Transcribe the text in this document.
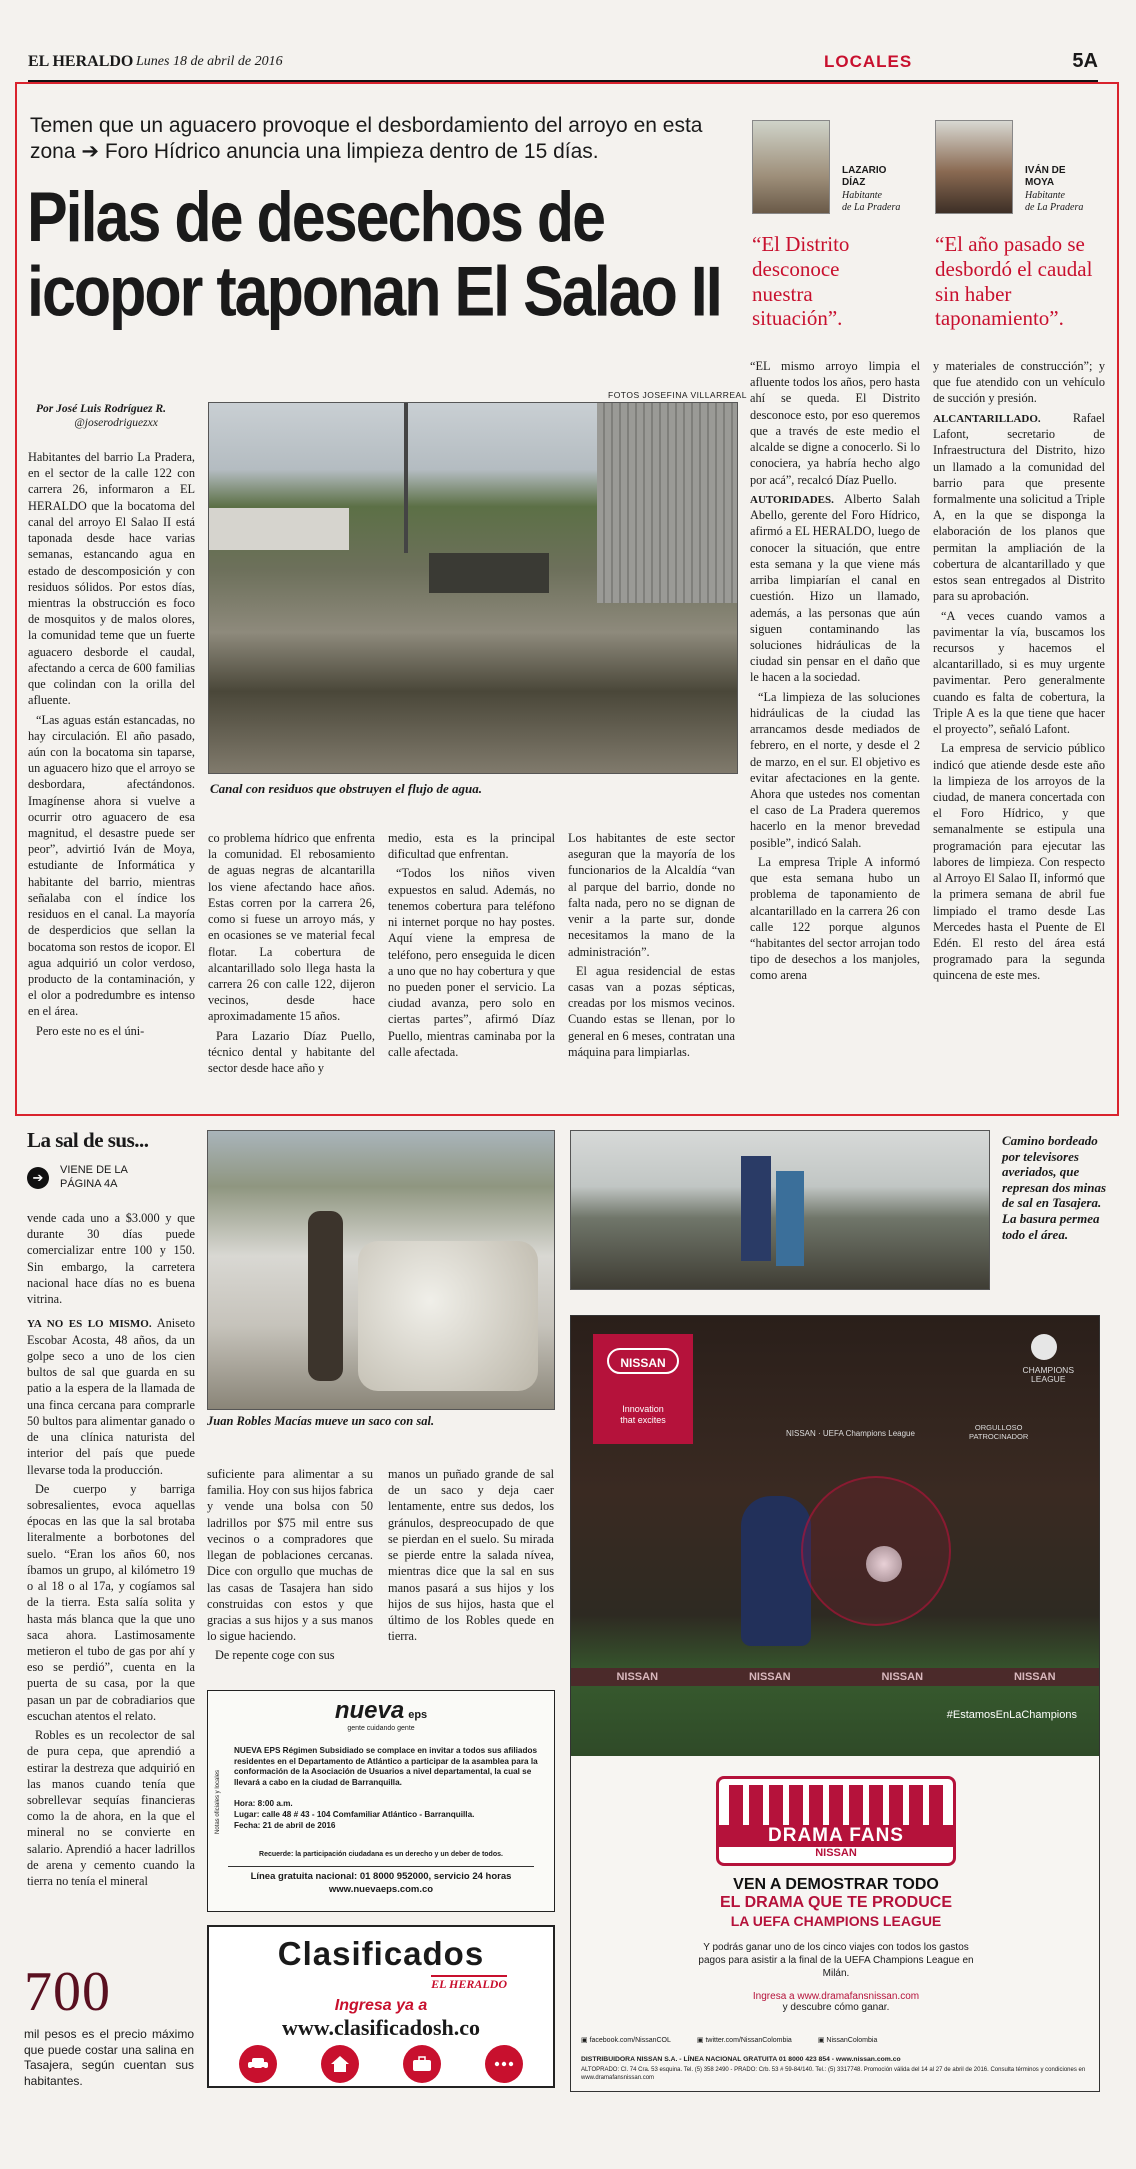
EL HERALDO Lunes 18 de abril de 2016	LOCALES	5A
Temen que un aguacero provoque el desbordamiento del arroyo en esta zona ➔ Foro Hídrico anuncia una limpieza dentro de 15 días.
Pilas de desechos de
icopor taponan El Salao II
LAZARIO
DÍAZ
Habitante
de La Pradera
“El Distrito desconoce nuestra situación”.
IVÁN DE
MOYA
Habitante
de La Pradera
“El año pasado se desbordó el caudal sin haber taponamiento”.
Por José Luis Rodríguez R.
@joserodriguezxx
FOTOS JOSEFINA VILLARREAL
Canal con residuos que obstruyen el flujo de agua.

Habitantes del barrio La Pradera, en el sector de la calle 122 con carrera 26, informaron a EL HERALDO que la bocatoma del canal del arroyo El Salao II está taponada desde hace varias semanas, estancando agua en estado de descomposición y con residuos sólidos. Por estos días, mientras la obstrucción es foco de mosquitos y de malos olores, la comunidad teme que un fuerte aguacero desborde el caudal, afectando a cerca de 600 familias que colindan con la orilla del afluente.

“Las aguas están estancadas, no hay circulación. El año pasado, aún con la bocatoma sin taparse, un aguacero hizo que el arroyo se desbordara, afectándonos. Imagínense ahora si vuelve a ocurrir otro aguacero de esa magnitud, el desastre puede ser peor”, advirtió Iván de Moya, estudiante de Informática y habitante del barrio, mientras señalaba con el índice los residuos en el canal. La mayoría de desperdicios que sellan la bocatoma son restos de icopor. El agua adquirió un color verdoso, producto de la contaminación, y el olor a podredumbre es intenso en el área.

Pero este no es el úni-

co problema hídrico que enfrenta la comunidad. El rebosamiento de aguas negras de alcantarilla los viene afectando hace años. Estas corren por la carrera 26, como si fuese un arroyo más, y en ocasiones se ve material fecal flotar. La cobertura de alcantarillado solo llega hasta la carrera 26 con calle 122, dijeron vecinos, desde hace aproximadamente 15 años.

Para Lazario Díaz Puello, técnico dental y habitante del sector desde hace año y

medio, esta es la principal dificultad que enfrentan.

“Todos los niños viven expuestos en salud. Además, no tenemos cobertura para teléfono ni internet porque no hay postes. Aquí viene la empresa de teléfono, pero enseguida le dicen a uno que no hay cobertura y que no pueden poner el servicio. La ciudad avanza, pero solo en ciertas partes”, afirmó Díaz Puello, mientras caminaba por la calle afectada.

Los habitantes de este sector aseguran que la mayoría de los funcionarios de la Alcaldía “van al parque del barrio, donde no falta nada, pero no se dignan de venir a la parte sur, donde necesitamos la mano de la administración”.

El agua residencial de estas casas van a pozas sépticas, creadas por los mismos vecinos. Cuando estas se llenan, por lo general en 6 meses, contratan una máquina para limpiarlas.

“EL mismo arroyo limpia el afluente todos los años, pero hasta ahí se queda. El Distrito desconoce esto, por eso queremos que a través de este medio el alcalde se digne a conocerlo. Si lo conociera, ya habría hecho algo por acá”, recalcó Díaz Puello.

AUTORIDADES. Alberto Salah Abello, gerente del Foro Hídrico, afirmó a EL HERALDO, luego de conocer la situación, que entre esta semana y la que viene más arriba limpiarían el canal en cuestión. Hizo un llamado, además, a las personas que aún siguen contaminando las soluciones hidráulicas de la ciudad sin pensar en el daño que le hacen a la sociedad.

“La limpieza de las soluciones hidráulicas de la ciudad las arrancamos desde mediados de febrero, en el norte, y desde el 2 de marzo, en el sur. El objetivo es evitar afectaciones en la gente. Ahora que ustedes nos comentan el caso de La Pradera queremos hacerlo en la menor brevedad posible”, indicó Salah.

La empresa Triple A informó que esta semana hubo un problema de taponamiento de alcantarillado en la carrera 26 con calle 122 porque algunos “habitantes del sector arrojan todo tipo de desechos a los manjoles, como arena

y materiales de construcción”; y que fue atendido con un vehículo de succión y presión.

ALCANTARILLADO.	Rafael Lafont, secretario de Infraestructura del Distrito, hizo un llamado a la comunidad del barrio para que presente formalmente una solicitud a Triple A, en la que se disponga la elaboración de los planos que permitan la ampliación de la cobertura de alcantarillado y que estos sean entregados al Distrito para su aprobación.

“A veces cuando vamos a pavimentar la vía, buscamos los recursos y hacemos el alcantarillado, si es muy urgente pavimentar. Pero generalmente cuando es falta de cobertura, la Triple A es la que tiene que hacer el proyecto”, señaló Lafont.

La empresa de servicio público indicó que atiende desde este año la limpieza de los arroyos de la ciudad, de manera concertada con el Foro Hídrico, y que semanalmente se estipula una programación para ejecutar las labores de limpieza. Con respecto al Arroyo El Salao II, informó que la primera semana de abril fue limpiado el tramo desde Las Mercedes hasta el Puente de El Edén. El resto del área está programado para la segunda quincena de este mes.

La sal de sus...
➔	VIENE DE LA
PÁGINA 4A

vende cada uno a $3.000 y que durante 30 días puede comercializar entre 100 y 150. Sin embargo, la carretera nacional hace días no es buena vitrina.

YA NO ES LO MISMO. Aniseto Escobar Acosta, 48 años, da un golpe seco a uno de los cien bultos de sal que guarda en su patio a la espera de la llamada de una finca cercana para comprarle 50 bultos para alimentar ganado o de una clínica naturista del interior del país que puede llevarse toda la producción.

De cuerpo y barriga sobresalientes, evoca aquellas épocas en las que la sal brotaba literalmente a borbotones del suelo. “Eran los años 60, nos íbamos un grupo, al kilómetro 19 o al 18 o al 17a, y cogíamos sal de la tierra. Esta salía solita y hasta más blanca que la que uno saca ahora. Lastimosamente metieron el tubo de gas por ahí y eso se perdió”, cuenta en la puerta de su casa, por la que pasan un par de cobradiarios que escuchan atentos el relato.

Robles es un recolector de sal de pura cepa, que aprendió a estirar la destreza que adquirió en las manos cuando tenía que sobrellevar sequías financieras como la de ahora, en la que el mineral no se convierte en salario. Aprendió a hacer ladrillos de arena y cemento cuando la tierra no tenía el mineral

Juan Robles Macías mueve un saco con sal.

suficiente para alimentar a su familia. Hoy con sus hijos fabrica y vende una bolsa con 50 ladrillos por $75 mil entre sus vecinos o a compradores que llegan de poblaciones cercanas. Dice con orgullo que muchas de las casas de Tasajera han sido construidas con estos y que gracias a sus hijos y a sus manos lo sigue haciendo.

De repente coge con sus

manos un puñado grande de sal de un saco y deja caer lentamente, entre sus dedos, los gránulos, despreocupado de que se pierdan en el suelo. Su mirada se pierde entre la salada nívea, mientras dice que la sal en sus manos pasará a sus hijos y los hijos de sus hijos, hasta que el último de los Robles quede en tierra.

Camino bordeado por televisores averiados, que represan dos minas de sal en Tasajera. La basura permea todo el área.
700
mil pesos es el precio máximo que puede costar una salina en Tasajera, según cuentan sus habitantes.
nueva eps
gente cuidando gente
Notas oficiales y locales
NUEVA EPS Régimen Subsidiado se complace en invitar a todos sus afiliados residentes en el Departamento de Atlántico a participar de la asamblea para la conformación de la Asociación de Usuarios a nivel departamental, la cual se llevará a cabo en la ciudad de Barranquilla.
Hora: 8:00 a.m.
Lugar: calle 48 # 43 - 104 Comfamiliar Atlántico - Barranquilla.
Fecha: 21 de abril de 2016
Recuerde: la participación ciudadana es un derecho y un deber de todos.
Línea gratuita nacional: 01 8000 952000, servicio 24 horas
www.nuevaeps.com.co
Clasificados
EL HERALDO
Ingresa ya a
www.clasificadosh.co
NISSAN
Innovation
that excites
CHAMPIONS
LEAGUE
NISSAN · UEFA Champions League
ORGULLOSO
PATROCINADOR
NISSAN	NISSAN	NISSAN	NISSAN
#EstamosEnLaChampions
DRAMA FANS
NISSAN
VEN A DEMOSTRAR TODO
EL DRAMA QUE TE PRODUCE
LA UEFA CHAMPIONS LEAGUE
Y podrás ganar uno de los cinco viajes con todos los gastos pagos para asistir a la final de la UEFA Champions League en Milán.
Ingresa a www.dramafansnissan.com
y descubre cómo ganar.
▣ facebook.com/NissanCOL	▣ twitter.com/NissanColombia	▣ NissanColombia
DISTRIBUIDORA NISSAN S.A. - LÍNEA NACIONAL GRATUITA 01 8000 423 854 - www.nissan.com.co
ALTOPRADO: Cl. 74 Cra. 53 esquina. Tel. (5) 358 2490 - PRADO: Crb. 53 # 59-84/140. Tel.: (5) 3317748. Promoción válida del 14 al 27 de abril de 2016. Consulta términos y condiciones en www.dramafansnissan.com
